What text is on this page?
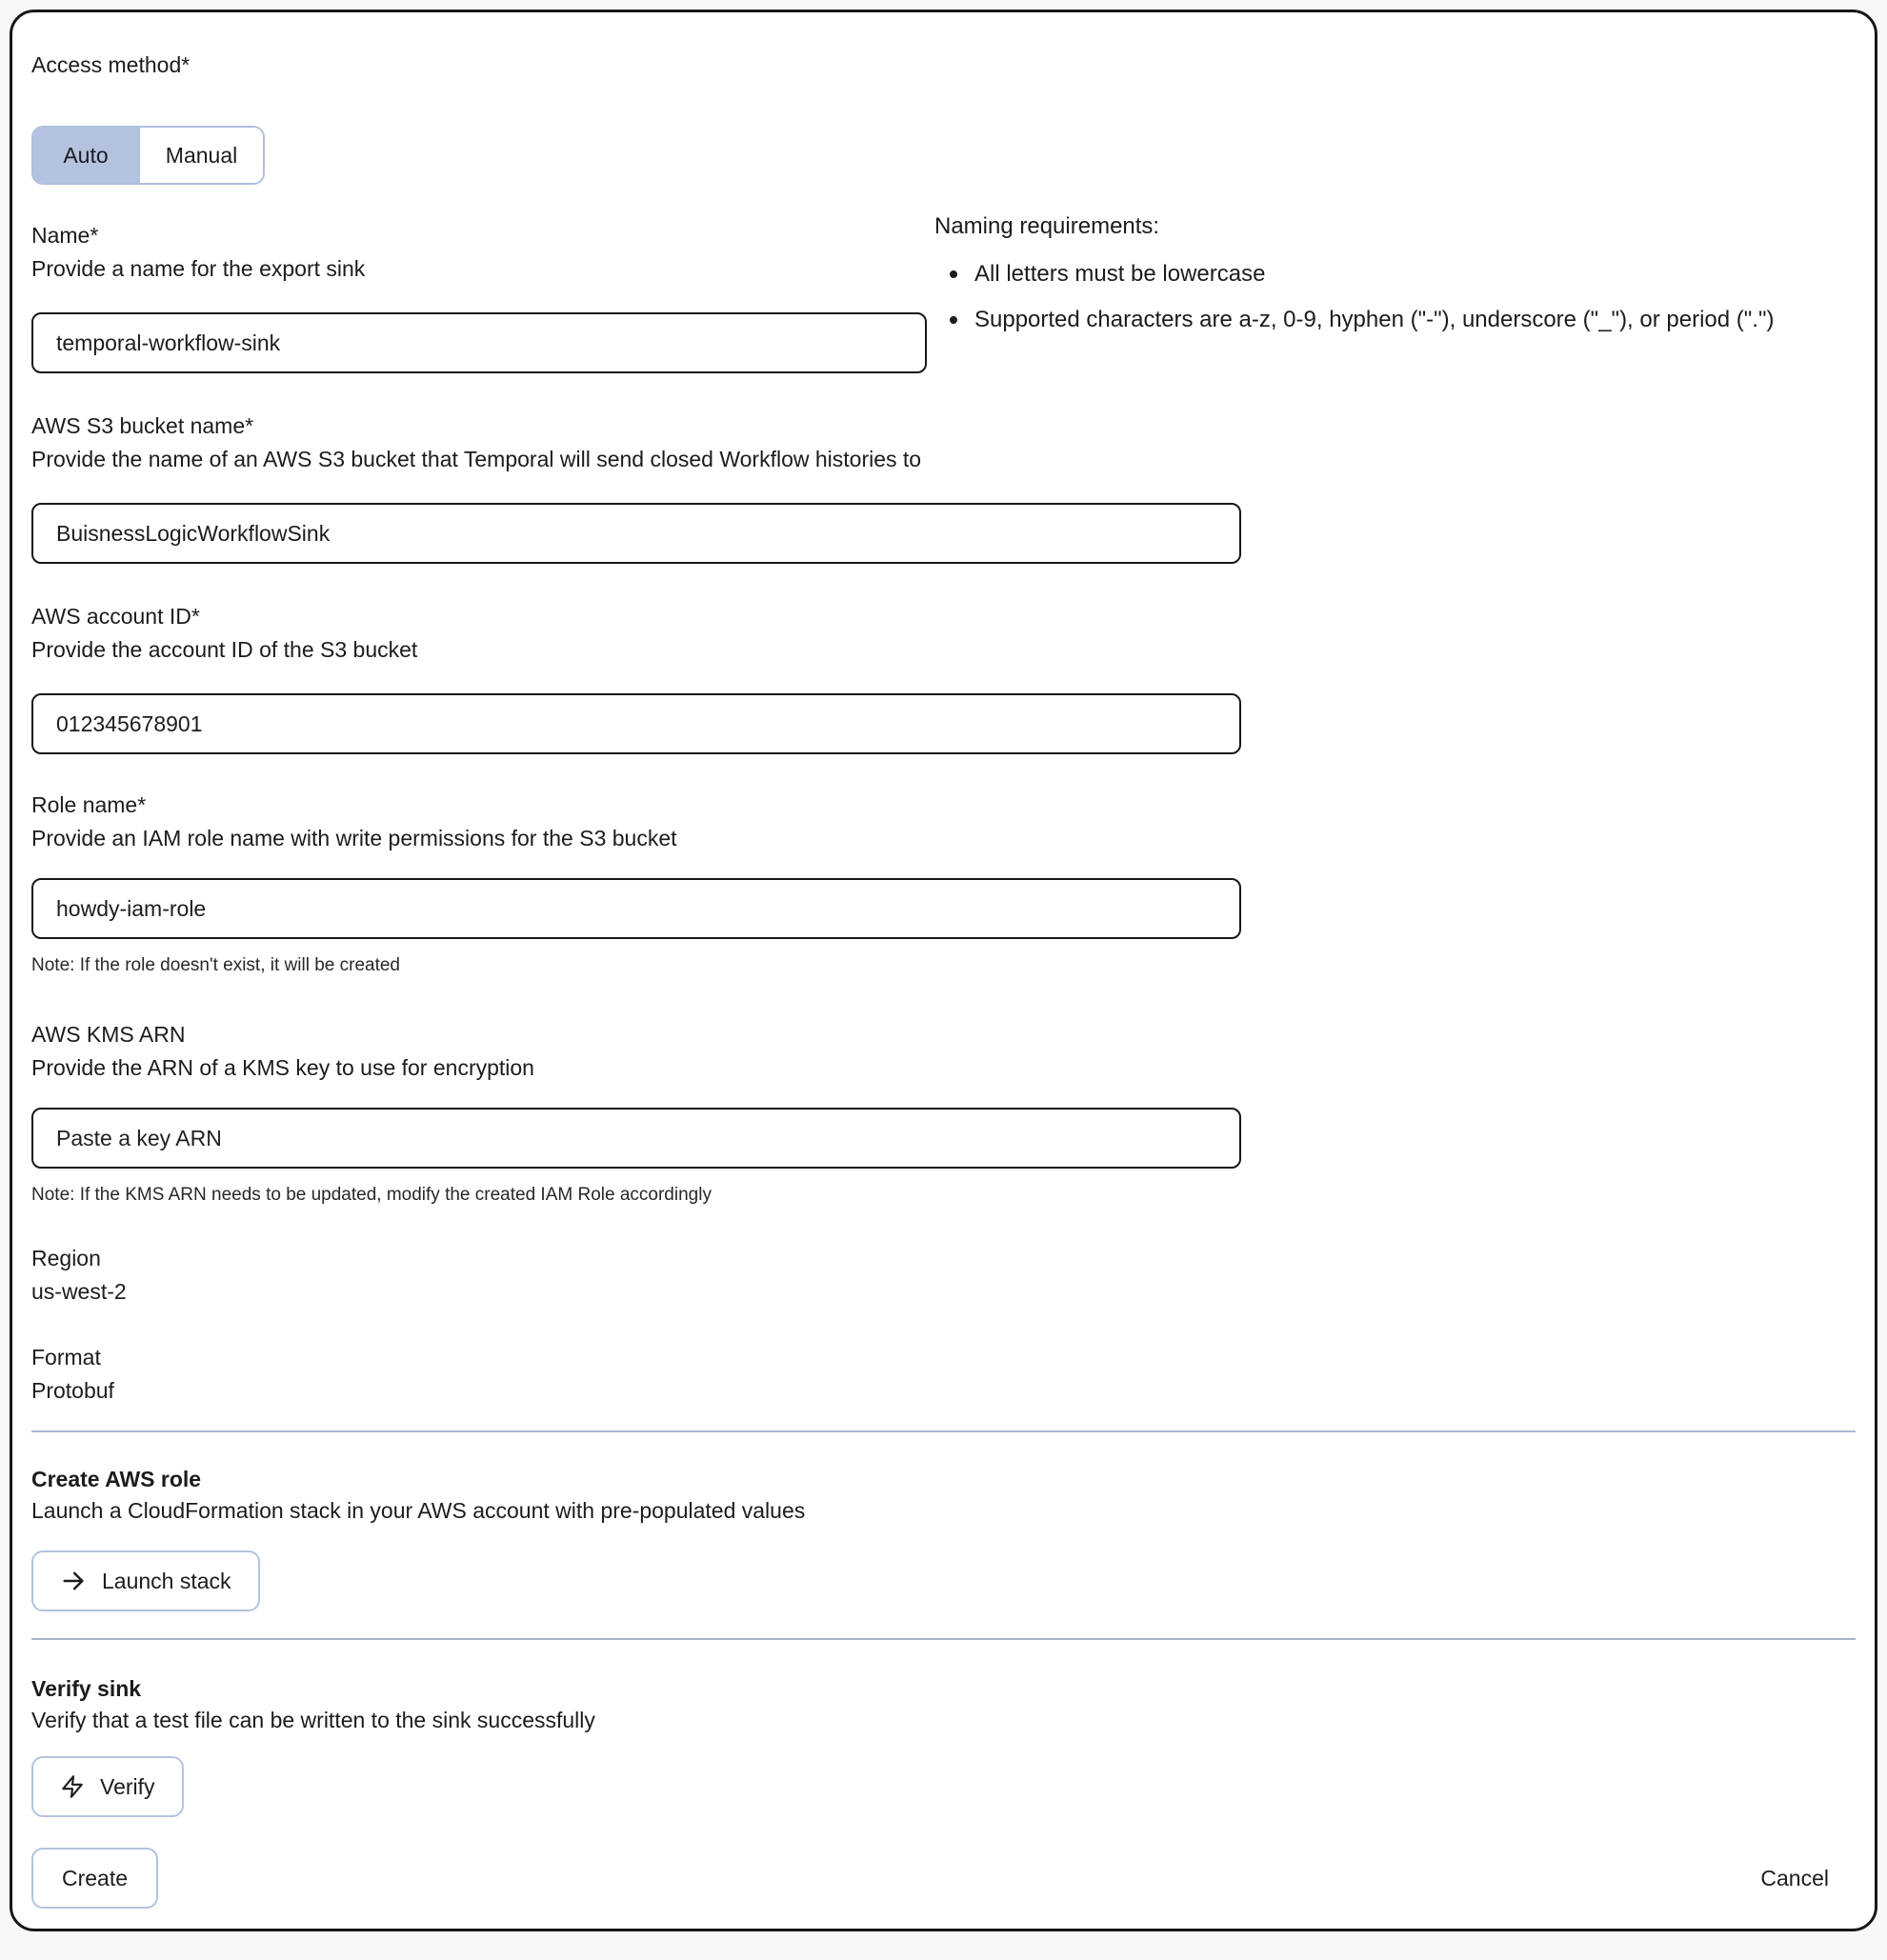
Access method*
Auto	Manual
Naming requirements:
All letters must be lowercase
Supported characters are a-z, 0-9, hyphen ("-"), underscore ("_"), or period (".")
Name*
Provide a name for the export sink
temporal-workflow-sink
AWS S3 bucket name*
Provide the name of an AWS S3 bucket that Temporal will send closed Workflow histories to
BuisnessLogicWorkflowSink
AWS account ID*
Provide the account ID of the S3 bucket
012345678901
Role name*
Provide an IAM role name with write permissions for the S3 bucket
howdy-iam-role
Note: If the role doesn't exist, it will be created
AWS KMS ARN
Provide the ARN of a KMS key to use for encryption
Paste a key ARN
Note: If the KMS ARN needs to be updated, modify the created IAM Role accordingly
Region
us-west-2
Format
Protobuf
Create AWS role
Launch a CloudFormation stack in your AWS account with pre-populated values
Launch stack
Verify sink
Verify that a test file can be written to the sink successfully
Verify
Create	Cancel
